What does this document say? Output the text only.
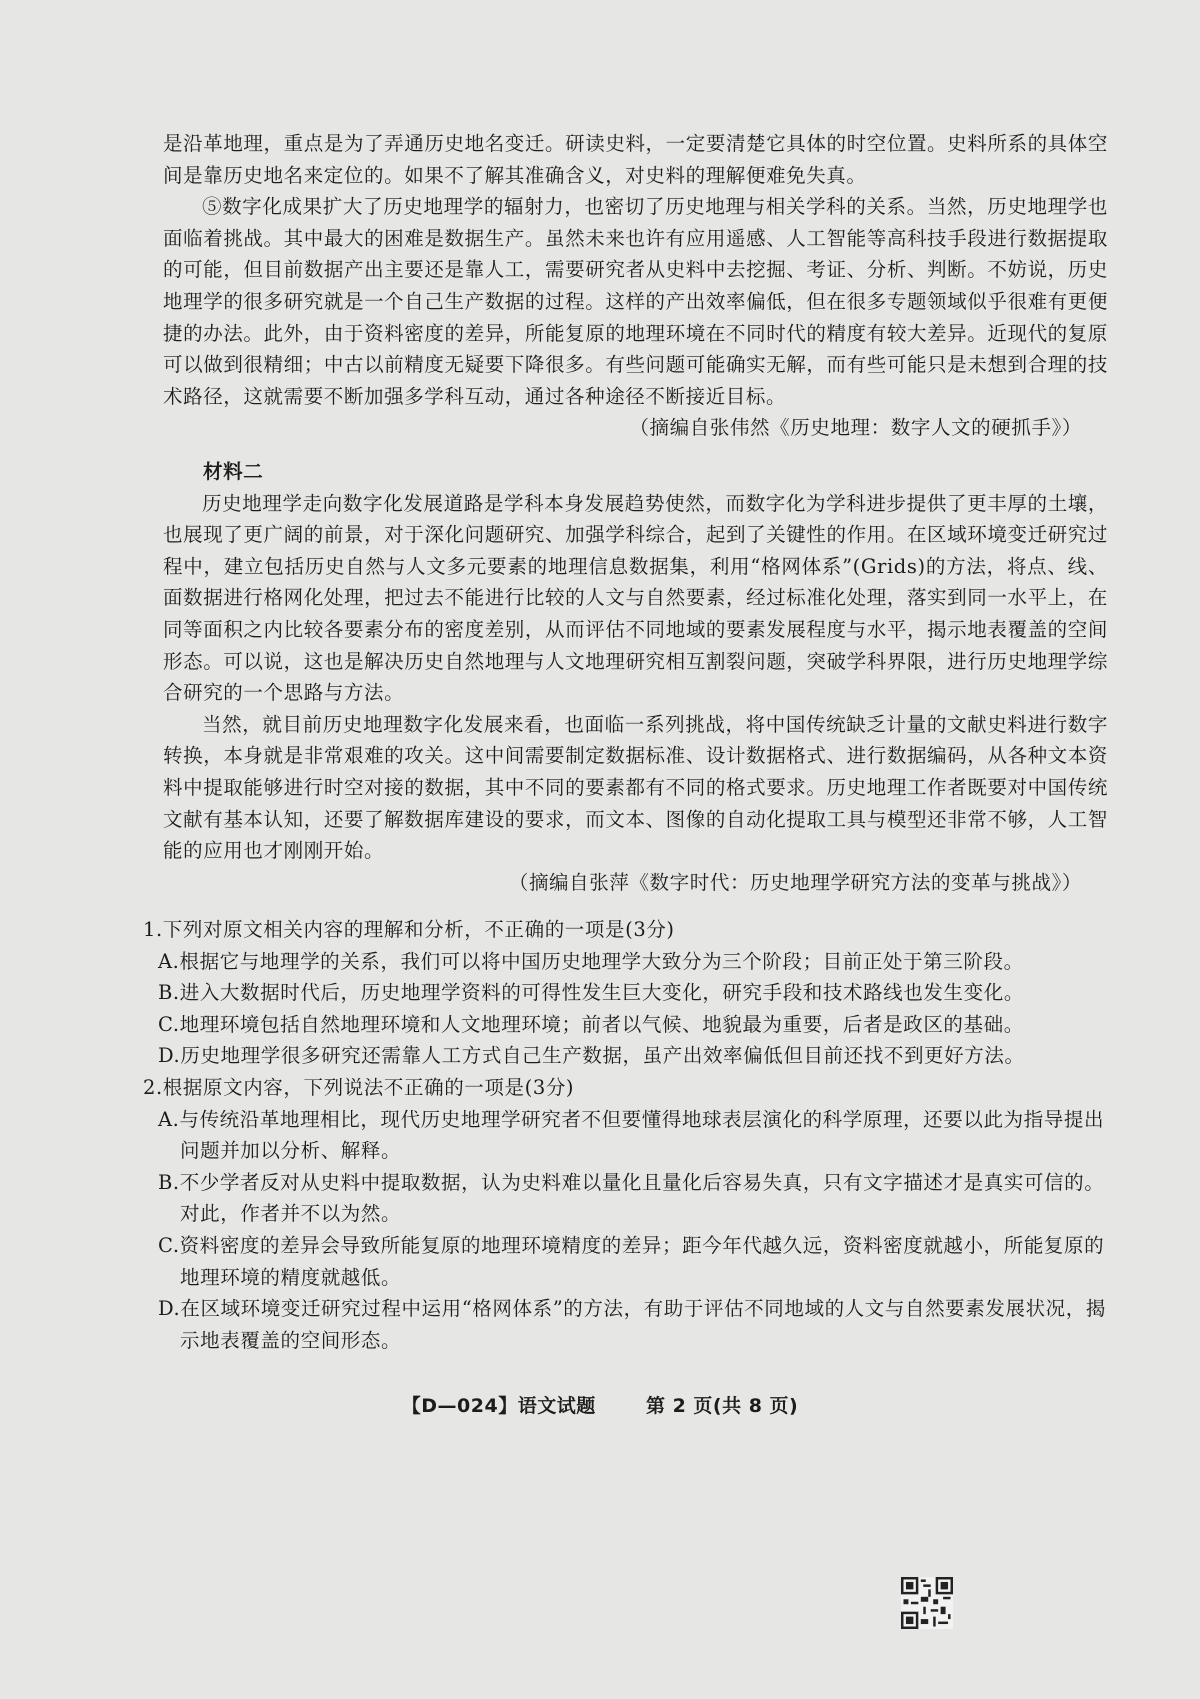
是沿革地理，重点是为了弄通历史地名变迁。研读史料，一定要清楚它具体的时空位置。史料所系的具体空间是靠历史地名来定位的。如果不了解其准确含义，对史料的理解便难免失真。

⑤数字化成果扩大了历史地理学的辐射力，也密切了历史地理与相关学科的关系。当然，历史地理学也面临着挑战。其中最大的困难是数据生产。虽然未来也许有应用遥感、人工智能等高科技手段进行数据提取的可能，但目前数据产出主要还是靠人工，需要研究者从史料中去挖掘、考证、分析、判断。不妨说，历史地理学的很多研究就是一个自己生产数据的过程。这样的产出效率偏低，但在很多专题领域似乎很难有更便捷的办法。此外，由于资料密度的差异，所能复原的地理环境在不同时代的精度有较大差异。近现代的复原可以做到很精细；中古以前精度无疑要下降很多。有些问题可能确实无解，而有些可能只是未想到合理的技术路径，这就需要不断加强多学科互动，通过各种途径不断接近目标。

（摘编自张伟然《历史地理：数字人文的硬抓手》）

材料二

历史地理学走向数字化发展道路是学科本身发展趋势使然，而数字化为学科进步提供了更丰厚的土壤，也展现了更广阔的前景，对于深化问题研究、加强学科综合，起到了关键性的作用。在区域环境变迁研究过程中，建立包括历史自然与人文多元要素的地理信息数据集，利用“格网体系”(Grids)的方法，将点、线、面数据进行格网化处理，把过去不能进行比较的人文与自然要素，经过标准化处理，落实到同一水平上，在同等面积之内比较各要素分布的密度差别，从而评估不同地域的要素发展程度与水平，揭示地表覆盖的空间形态。可以说，这也是解决历史自然地理与人文地理研究相互割裂问题，突破学科界限，进行历史地理学综合研究的一个思路与方法。

当然，就目前历史地理数字化发展来看，也面临一系列挑战，将中国传统缺乏计量的文献史料进行数字转换，本身就是非常艰难的攻关。这中间需要制定数据标准、设计数据格式、进行数据编码，从各种文本资料中提取能够进行时空对接的数据，其中不同的要素都有不同的格式要求。历史地理工作者既要对中国传统文献有基本认知，还要了解数据库建设的要求，而文本、图像的自动化提取工具与模型还非常不够，人工智能的应用也才刚刚开始。

（摘编自张萍《数字时代：历史地理学研究方法的变革与挑战》）

1.下列对原文相关内容的理解和分析，不正确的一项是(3分)

A.根据它与地理学的关系，我们可以将中国历史地理学大致分为三个阶段；目前正处于第三阶段。

B.进入大数据时代后，历史地理学资料的可得性发生巨大变化，研究手段和技术路线也发生变化。

C.地理环境包括自然地理环境和人文地理环境；前者以气候、地貌最为重要，后者是政区的基础。

D.历史地理学很多研究还需靠人工方式自己生产数据，虽产出效率偏低但目前还找不到更好方法。

2.根据原文内容，下列说法不正确的一项是(3分)

A.与传统沿革地理相比，现代历史地理学研究者不但要懂得地球表层演化的科学原理，还要以此为指导提出问题并加以分析、解释。

B.不少学者反对从史料中提取数据，认为史料难以量化且量化后容易失真，只有文字描述才是真实可信的。对此，作者并不以为然。

C.资料密度的差异会导致所能复原的地理环境精度的差异；距今年代越久远，资料密度就越小，所能复原的地理环境的精度就越低。

D.在区域环境变迁研究过程中运用“格网体系”的方法，有助于评估不同地域的人文与自然要素发展状况，揭示地表覆盖的空间形态。

【D—024】语文试题	第 2 页(共 8 页)
